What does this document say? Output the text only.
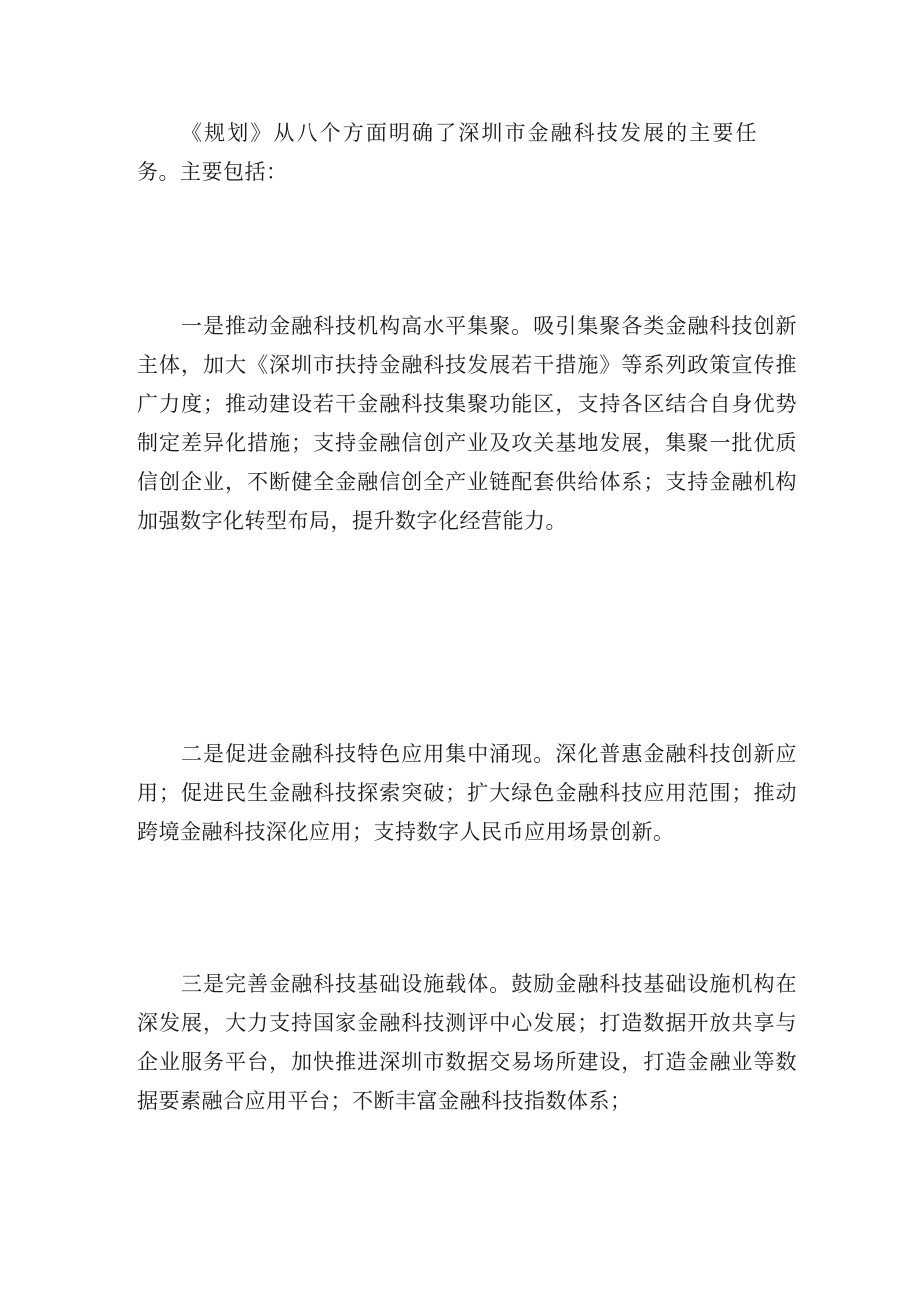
《规划》从八个方面明确了深圳市金融科技发展的主要任务。主要包括：

一是推动金融科技机构高水平集聚。吸引集聚各类金融科技创新主体，加大《深圳市扶持金融科技发展若干措施》等系列政策宣传推广力度；推动建设若干金融科技集聚功能区，支持各区结合自身优势制定差异化措施；支持金融信创产业及攻关基地发展，集聚一批优质信创企业，不断健全金融信创全产业链配套供给体系；支持金融机构加强数字化转型布局，提升数字化经营能力。

二是促进金融科技特色应用集中涌现。深化普惠金融科技创新应用；促进民生金融科技探索突破；扩大绿色金融科技应用范围；推动跨境金融科技深化应用；支持数字人民币应用场景创新。

三是完善金融科技基础设施载体。鼓励金融科技基础设施机构在深发展，大力支持国家金融科技测评中心发展；打造数据开放共享与企业服务平台，加快推进深圳市数据交易场所建设，打造金融业等数据要素融合应用平台；不断丰富金融科技指数体系；
